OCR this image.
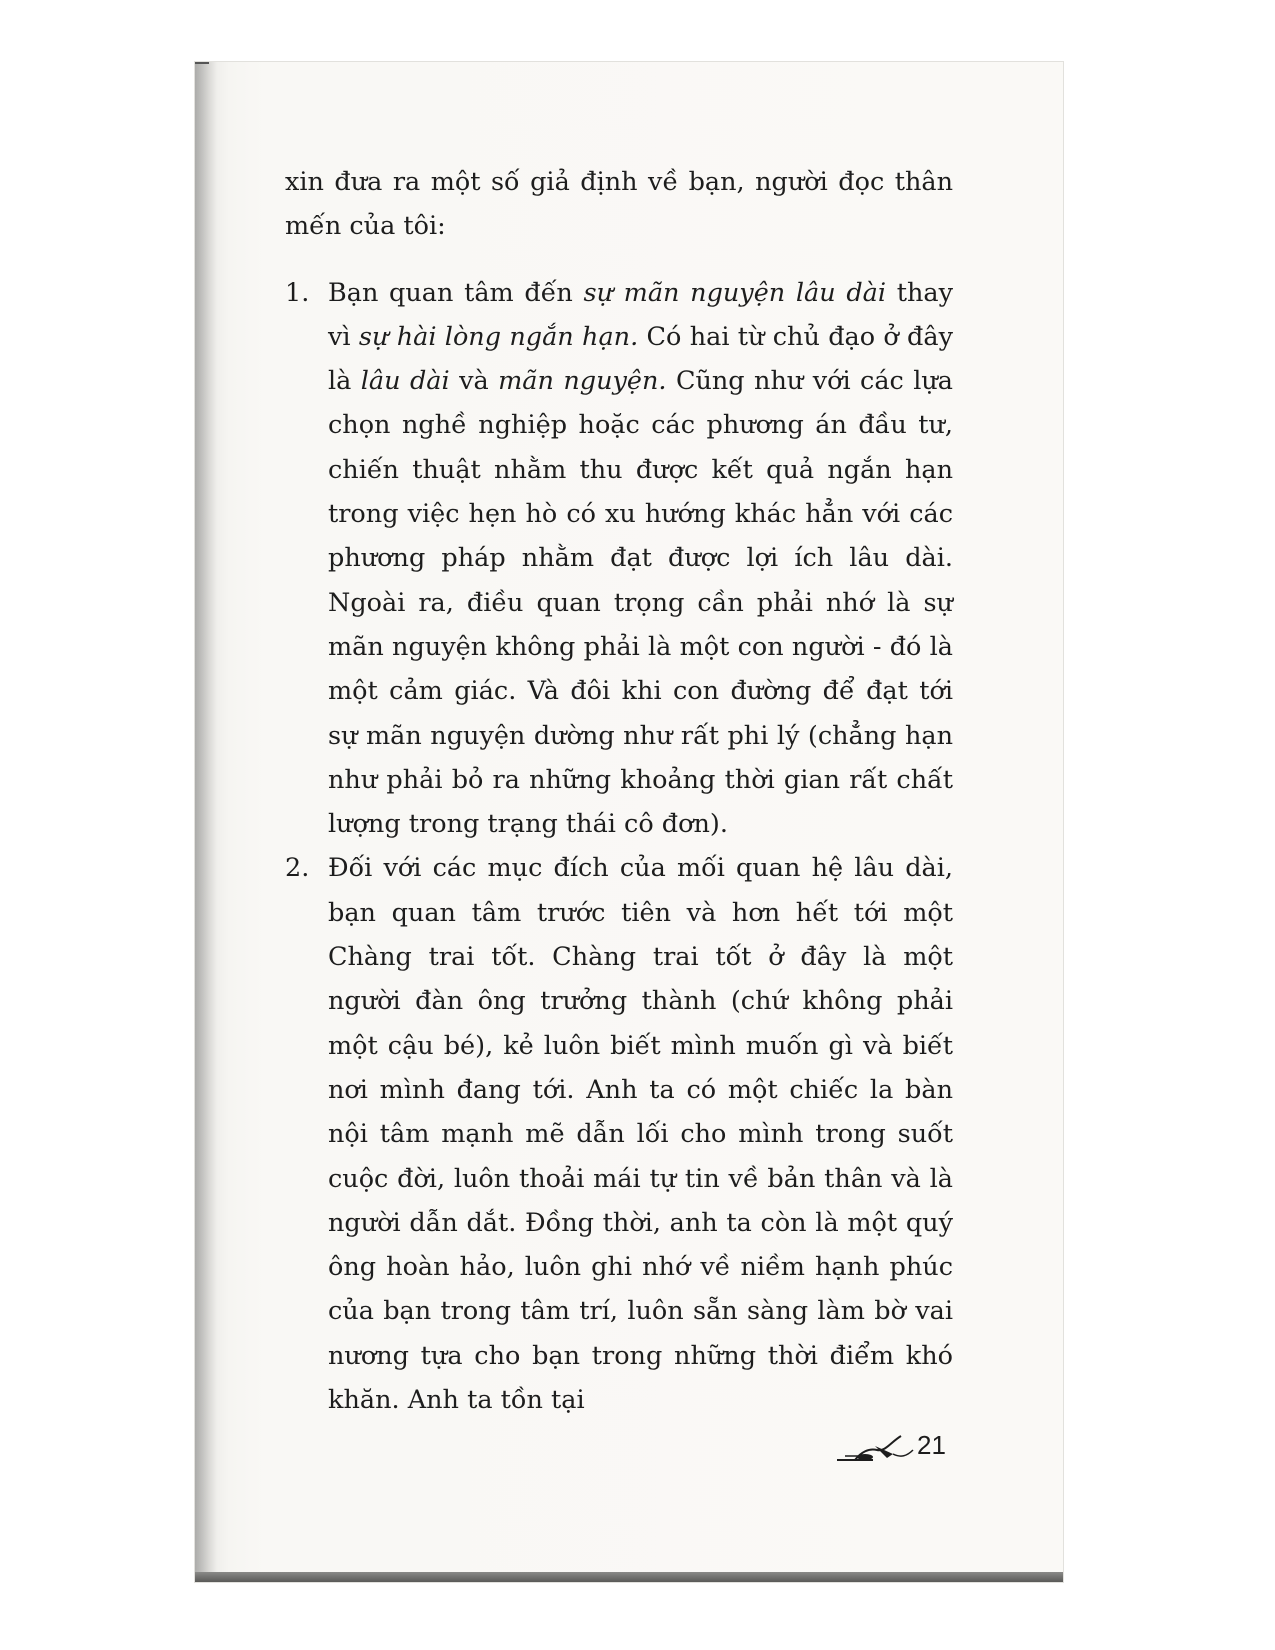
xin đưa ra một số giả định về bạn, người đọc thân mến của tôi:

1. Bạn quan tâm đến sự mãn nguyện lâu dài thay vì sự hài lòng ngắn hạn. Có hai từ chủ đạo ở đây là lâu dài và mãn nguyện. Cũng như với các lựa chọn nghề nghiệp hoặc các phương án đầu tư, chiến thuật nhằm thu được kết quả ngắn hạn trong việc hẹn hò có xu hướng khác hẳn với các phương pháp nhằm đạt được lợi ích lâu dài. Ngoài ra, điều quan trọng cần phải nhớ là sự mãn nguyện không phải là một con người - đó là một cảm giác. Và đôi khi con đường để đạt tới sự mãn nguyện dường như rất phi lý (chẳng hạn như phải bỏ ra những khoảng thời gian rất chất lượng trong trạng thái cô đơn).
2. Đối với các mục đích của mối quan hệ lâu dài, bạn quan tâm trước tiên và hơn hết tới một Chàng trai tốt. Chàng trai tốt ở đây là một người đàn ông trưởng thành (chứ không phải một cậu bé), kẻ luôn biết mình muốn gì và biết nơi mình đang tới. Anh ta có một chiếc la bàn nội tâm mạnh mẽ dẫn lối cho mình trong suốt cuộc đời, luôn thoải mái tự tin về bản thân và là người dẫn dắt. Đồng thời, anh ta còn là một quý ông hoàn hảo, luôn ghi nhớ về niềm hạnh phúc của bạn trong tâm trí, luôn sẵn sàng làm bờ vai nương tựa cho bạn trong những thời điểm khó khăn. Anh ta tồn tại
21
